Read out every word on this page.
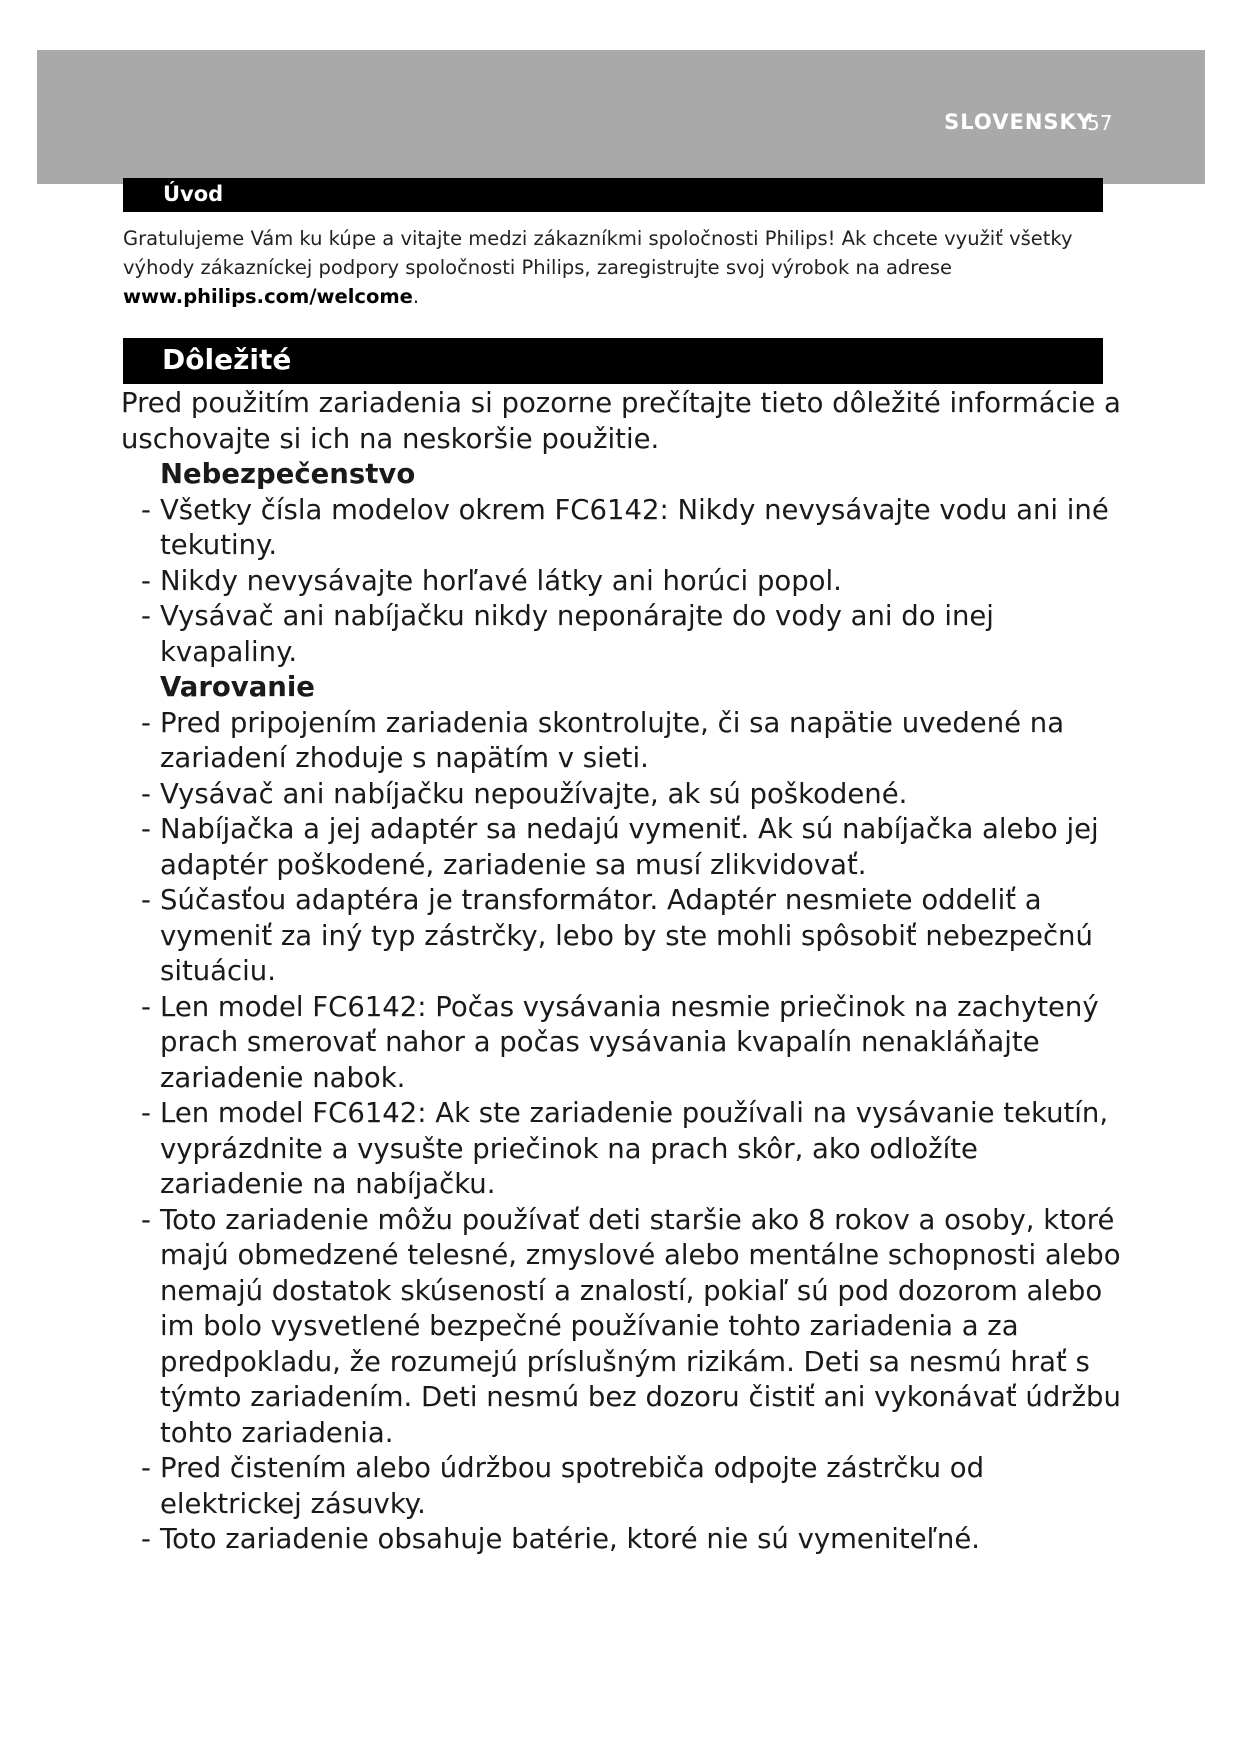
SLOVENSKY
57
Úvod
Gratulujeme Vám ku kúpe a vitajte medzi zákazníkmi spoločnosti Philips! Ak chcete využiť všetky výhody zákazníckej podpory spoločnosti Philips, zaregistrujte svoj výrobok na adrese www.philips.com/welcome.
Dôležité

Pred použitím zariadenia si pozorne prečítajte tieto dôležité informácie a uschovajte si ich na neskoršie použitie.

Nebezpečenstvo

- Všetky čísla modelov okrem FC6142: Nikdy nevysávajte vodu ani iné tekutiny.
- Nikdy nevysávajte horľavé látky ani horúci popol.
- Vysávač ani nabíjačku nikdy neponárajte do vody ani do inej kvapaliny.

Varovanie

- Pred pripojením zariadenia skontrolujte, či sa napätie uvedené na zariadení zhoduje s napätím v sieti.
- Vysávač ani nabíjačku nepoužívajte, ak sú poškodené.
- Nabíjačka a jej adaptér sa nedajú vymeniť. Ak sú nabíjačka alebo jej adaptér poškodené, zariadenie sa musí zlikvidovať.
- Súčasťou adaptéra je transformátor. Adaptér nesmiete oddeliť a vymeniť za iný typ zástrčky, lebo by ste mohli spôsobiť nebezpečnú situáciu.
- Len model FC6142: Počas vysávania nesmie priečinok na zachytený prach smerovať nahor a počas vysávania kvapalín nenakláňajte zariadenie nabok.
- Len model FC6142: Ak ste zariadenie používali na vysávanie tekutín, vyprázdnite a vysušte priečinok na prach skôr, ako odložíte zariadenie na nabíjačku.
- Toto zariadenie môžu používať deti staršie ako 8 rokov a osoby, ktoré majú obmedzené telesné, zmyslové alebo mentálne schopnosti alebo nemajú dostatok skúseností a znalostí, pokiaľ sú pod dozorom alebo im bolo vysvetlené bezpečné používanie tohto zariadenia a za predpokladu, že rozumejú príslušným rizikám. Deti sa nesmú hrať s týmto zariadením. Deti nesmú bez dozoru čistiť ani vykonávať údržbu tohto zariadenia.
- Pred čistením alebo údržbou spotrebiča odpojte zástrčku od elektrickej zásuvky.
- Toto zariadenie obsahuje batérie, ktoré nie sú vymeniteľné.
